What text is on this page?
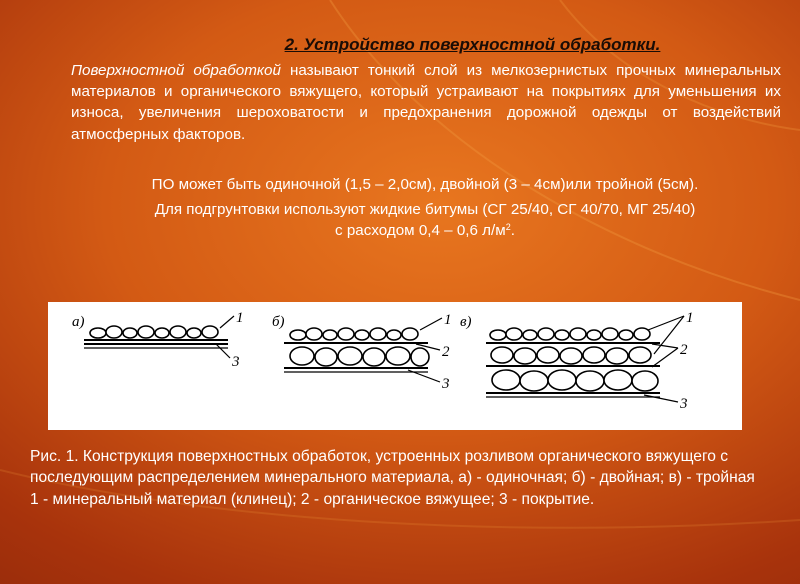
2. Устройство поверхностной обработки.
Поверхностной обработкой называют тонкий слой из мелкозернистых прочных минеральных материалов и органического вяжущего, который устраивают на покрытиях для уменьшения их износа, увеличения шероховатости и предохранения дорожной одежды от воздействий атмосферных факторов.
ПО может быть одиночной (1,5 – 2,0см), двойной (3 – 4см)или тройной (5см).
Для подгрунтовки используют жидкие битумы (СГ 25/40, СГ 40/70, МГ 25/40)
с расходом 0,4 – 0,6 $л/м^2$.
а)	1
3
б)	1
2
3
в)	1
2
3
Рис. 1. Конструкция поверхностных обработок, устроенных розливом органического вяжущего с последующим распределением минерального материала, а) - одиночная; б) - двойная; в) - тройная 1 - минеральный материал (клинец); 2 - органическое вяжущее; 3 - покрытие.
